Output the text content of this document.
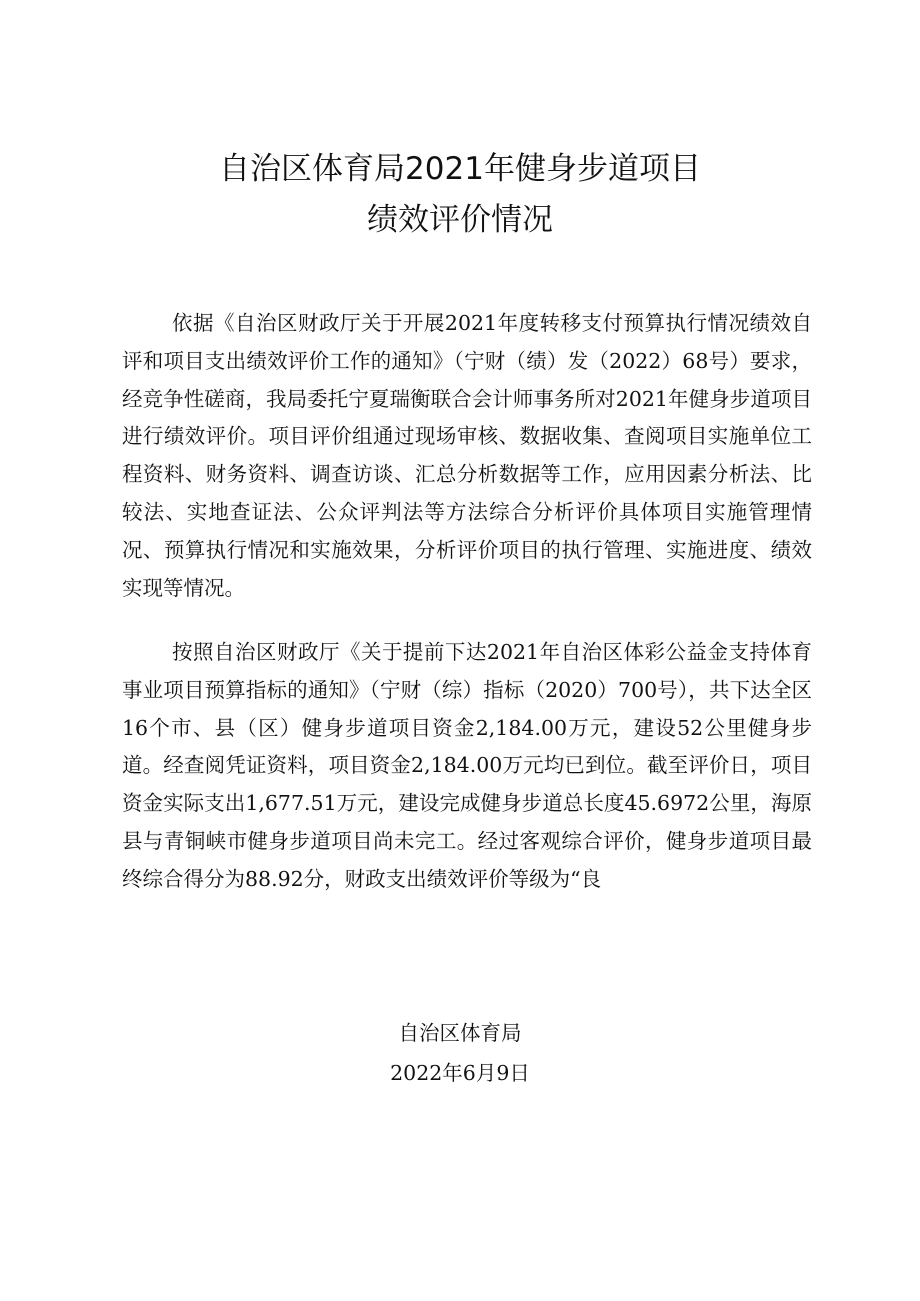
自治区体育局2021年健身步道项目
绩效评价情况

依据《自治区财政厅关于开展2021年度转移支付预算执行情况绩效自评和项目支出绩效评价工作的通知》（宁财（绩）发（2022）68号）要求，经竞争性磋商，我局委托宁夏瑞衡联合会计师事务所对2021年健身步道项目进行绩效评价。项目评价组通过现场审核、数据收集、查阅项目实施单位工程资料、财务资料、调查访谈、汇总分析数据等工作，应用因素分析法、比较法、实地查证法、公众评判法等方法综合分析评价具体项目实施管理情况、预算执行情况和实施效果，分析评价项目的执行管理、实施进度、绩效实现等情况。

按照自治区财政厅《关于提前下达2021年自治区体彩公益金支持体育事业项目预算指标的通知》（宁财（综）指标（2020）700号），共下达全区16个市、县（区）健身步道项目资金2,184.00万元，建设52公里健身步道。经查阅凭证资料，项目资金2,184.00万元均已到位。截至评价日，项目资金实际支出1,677.51万元，建设完成健身步道总长度45.6972公里，海原县与青铜峡市健身步道项目尚未完工。经过客观综合评价，健身步道项目最终综合得分为88.92分，财政支出绩效评价等级为“良

自治区体育局
2022年6月9日
